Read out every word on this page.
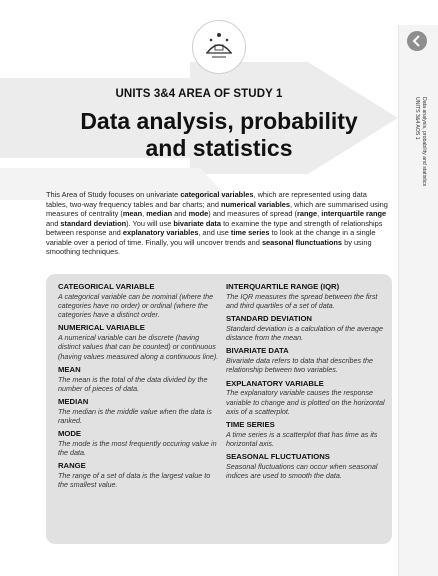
Data analysis, probability and statistics
UNITS 3&4 AOS 1
UNITS 3&4 AREA OF STUDY 1
Data analysis, probability
and statistics

This Area of Study focuses on univariate categorical variables, which are represented using data tables, two-way frequency tables and bar charts; and numerical variables, which are summarised using measures of centrality (mean, median and mode) and measures of spread (range, interquartile range and standard deviation). You will use bivariate data to examine the type and strength of relationships between response and explanatory variables, and use time series to look at the change in a single variable over a period of time. Finally, you will uncover trends and seasonal flunctuations by using smoothing techniques.

CATEGORICAL VARIABLE
A categorical variable can be nominal (where the categories have no order) or ordinal (where the categories have a distinct order.
NUMERICAL VARIABLE
A numerical variable can be discrete (having distinct values that can be counted) or continuous (having values measured along a continuous line).
MEAN
The mean is the total of the data divided by the number of pieces of data.
MEDIAN
The median is the middle value when the data is ranked.
MODE
The mode is the most frequently occuring value in the data.
RANGE
The range of a set of data is the largest value to the smallest value.
INTERQUARTILE RANGE (IQR)
The IQR measures the spread between the first and third quartiles of a set of data.
STANDARD DEVIATION
Standard deviation is a calculation of the average distance from the mean.
BIVARIATE DATA
Bivariate data refers to data that describes the relationship between two variables.
EXPLANATORY VARIABLE
The explanatory variable causes the response variable to change and is plotted on the horizontal axis of a scatterplot.
TIME SERIES
A time series is a scatterplot that has time as its horizontal axis.
SEASONAL FLUCTUATIONS
Seasonal fluctuations can occur when seasonal indices are used to smooth the data.
